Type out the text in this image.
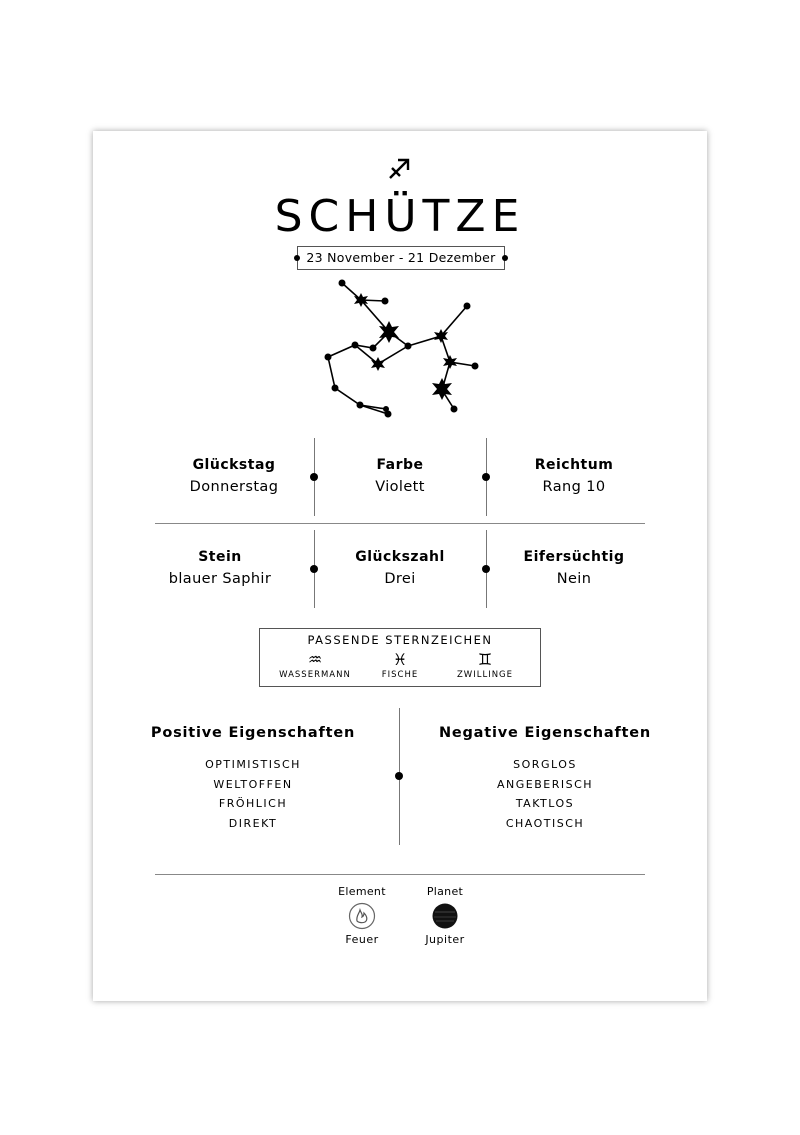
SCHÜTZE
23 November - 21 Dezember
Glückstag
Donnerstag
Farbe
Violett
Reichtum
Rang 10
Stein
blauer Saphir
Glückszahl
Drei
Eifersüchtig
Nein
PASSENDE STERNZEICHEN
♒
WASSERMANN
♓
FISCHE
♊
ZWILLINGE
Positive Eigenschaften
OPTIMISTISCH
WELTOFFEN
FRÖHLICH
DIREKT
Negative Eigenschaften
SORGLOS
ANGEBERISCH
TAKTLOS
CHAOTISCH
Element
Feuer
Planet
Jupiter
